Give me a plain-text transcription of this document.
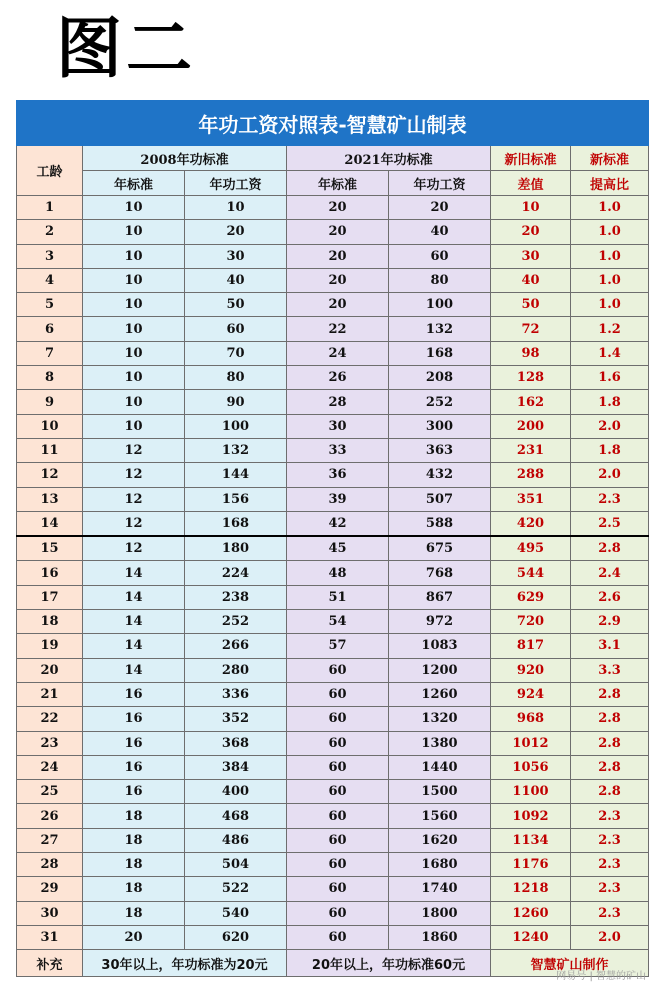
图二
年功工资对照表-智慧矿山制表						
工龄	2008年功标准		2021年功标准		新旧标准	新标准
	年标准	年功工资	年标准	年功工资	差值	提高比
1	10	10	20	20	10	1.0
2	10	20	20	40	20	1.0
3	10	30	20	60	30	1.0
4	10	40	20	80	40	1.0
5	10	50	20	100	50	1.0
6	10	60	22	132	72	1.2
7	10	70	24	168	98	1.4
8	10	80	26	208	128	1.6
9	10	90	28	252	162	1.8
10	10	100	30	300	200	2.0
11	12	132	33	363	231	1.8
12	12	144	36	432	288	2.0
13	12	156	39	507	351	2.3
14	12	168	42	588	420	2.5
15	12	180	45	675	495	2.8
16	14	224	48	768	544	2.4
17	14	238	51	867	629	2.6
18	14	252	54	972	720	2.9
19	14	266	57	1083	817	3.1
20	14	280	60	1200	920	3.3
21	16	336	60	1260	924	2.8
22	16	352	60	1320	968	2.8
23	16	368	60	1380	1012	2.8
24	16	384	60	1440	1056	2.8
25	16	400	60	1500	1100	2.8
26	18	468	60	1560	1092	2.3
27	18	486	60	1620	1134	2.3
28	18	504	60	1680	1176	2.3
29	18	522	60	1740	1218	2.3
30	18	540	60	1800	1260	2.3
31	20	620	60	1860	1240	2.0
补充	30年以上，年功标准为20元		20年以上，年功标准60元		智慧矿山制作	
网易号 | 智慧的矿山
